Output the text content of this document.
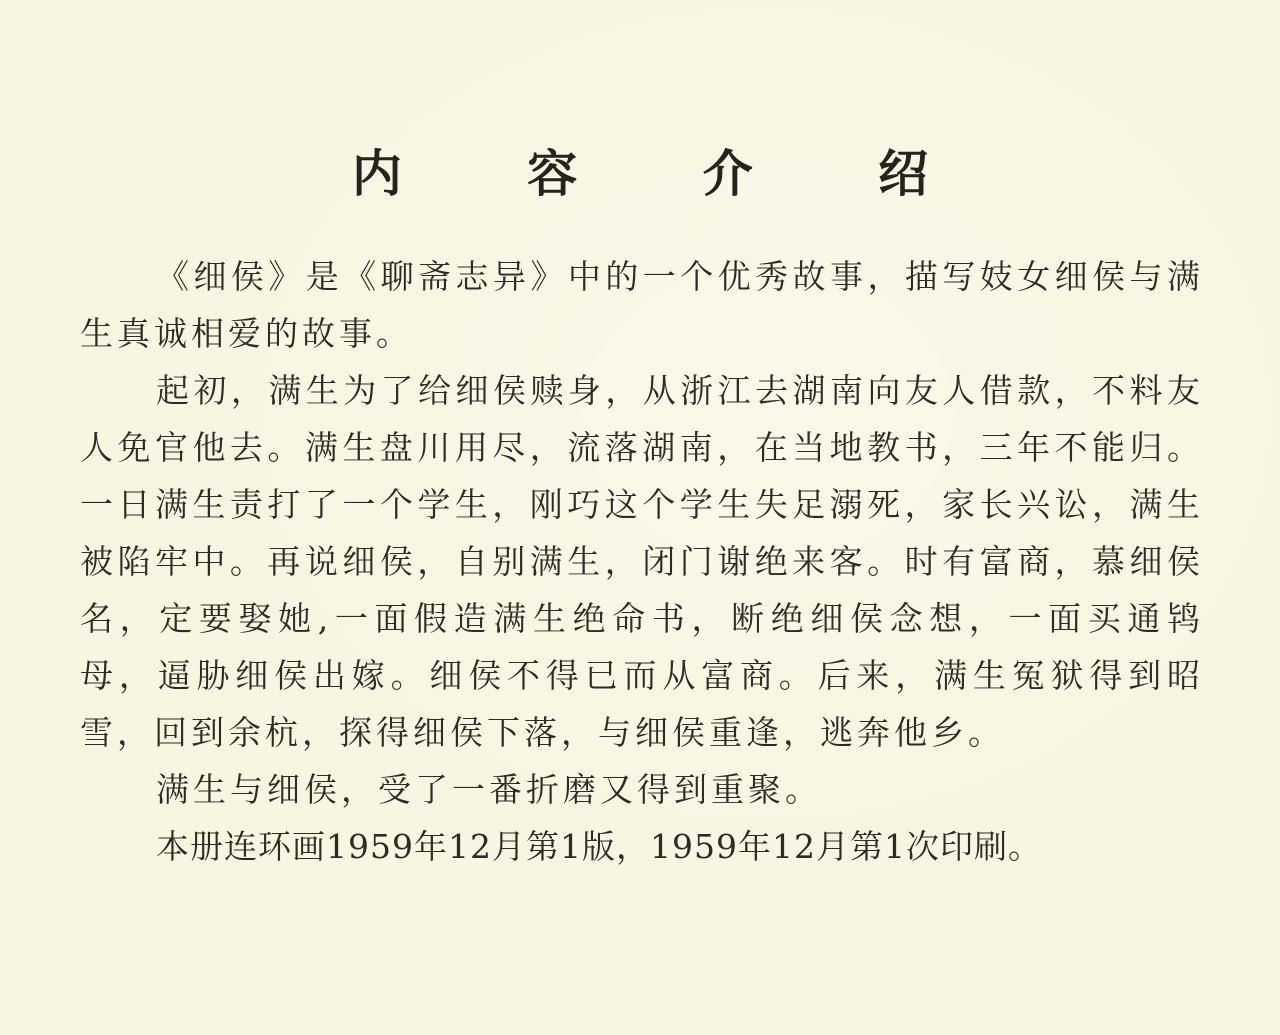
内 容 介 绍

《细侯》是《聊斋志异》中的一个优秀故事，描写妓女细侯与满生真诚相爱的故事。

起初，满生为了给细侯赎身，从浙江去湖南向友人借款，不料友人免官他去。满生盘川用尽，流落湖南，在当地教书，三年不能归。一日满生责打了一个学生，刚巧这个学生失足溺死，家长兴讼，满生被陷牢中。再说细侯，自别满生，闭门谢绝来客。时有富商，慕细侯名，定要娶她,一面假造满生绝命书，断绝细侯念想，一面买通鸨母，逼胁细侯出嫁。细侯不得已而从富商。后来，满生冤狱得到昭雪，回到余杭，探得细侯下落，与细侯重逢，逃奔他乡。

满生与细侯，受了一番折磨又得到重聚。

本册连环画1959年12月第1版，1959年12月第1次印刷。
